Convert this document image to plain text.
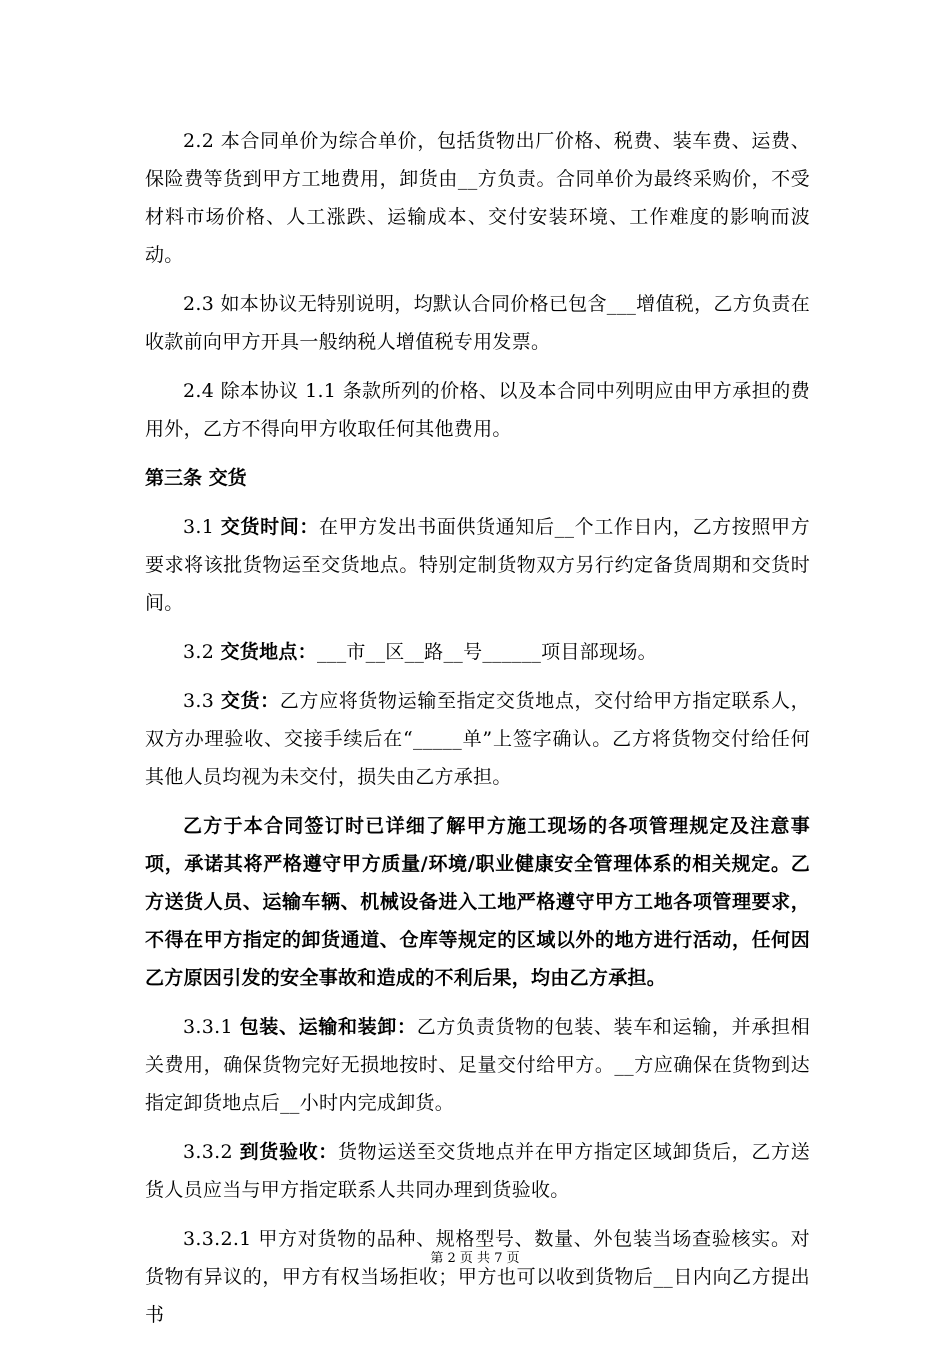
2.2 本合同单价为综合单价，包括货物出厂价格、税费、装车费、运费、保险费等货到甲方工地费用，卸货由__方负责。合同单价为最终采购价，不受材料市场价格、人工涨跌、运输成本、交付安装环境、工作难度的影响而波动。

2.3 如本协议无特别说明，均默认合同价格已包含___增值税，乙方负责在收款前向甲方开具一般纳税人增值税专用发票。

2.4 除本协议 1.1 条款所列的价格、以及本合同中列明应由甲方承担的费用外，乙方不得向甲方收取任何其他费用。

第三条 交货

3.1 交货时间：在甲方发出书面供货通知后__个工作日内，乙方按照甲方要求将该批货物运至交货地点。特别定制货物双方另行约定备货周期和交货时间。

3.2 交货地点：___市__区__路__号______项目部现场。

3.3 交货：乙方应将货物运输至指定交货地点，交付给甲方指定联系人，双方办理验收、交接手续后在“_____单”上签字确认。乙方将货物交付给任何其他人员均视为未交付，损失由乙方承担。

乙方于本合同签订时已详细了解甲方施工现场的各项管理规定及注意事项，承诺其将严格遵守甲方质量/环境/职业健康安全管理体系的相关规定。乙方送货人员、运输车辆、机械设备进入工地严格遵守甲方工地各项管理要求，不得在甲方指定的卸货通道、仓库等规定的区域以外的地方进行活动，任何因乙方原因引发的安全事故和造成的不利后果，均由乙方承担。

3.3.1 包装、运输和装卸：乙方负责货物的包装、装车和运输，并承担相关费用，确保货物完好无损地按时、足量交付给甲方。__方应确保在货物到达指定卸货地点后__小时内完成卸货。

3.3.2 到货验收：货物运送至交货地点并在甲方指定区域卸货后，乙方送货人员应当与甲方指定联系人共同办理到货验收。

3.3.2.1 甲方对货物的品种、规格型号、数量、外包装当场查验核实。对货物有异议的，甲方有权当场拒收；甲方也可以收到货物后__日内向乙方提出书

第 2 页 共 7 页
